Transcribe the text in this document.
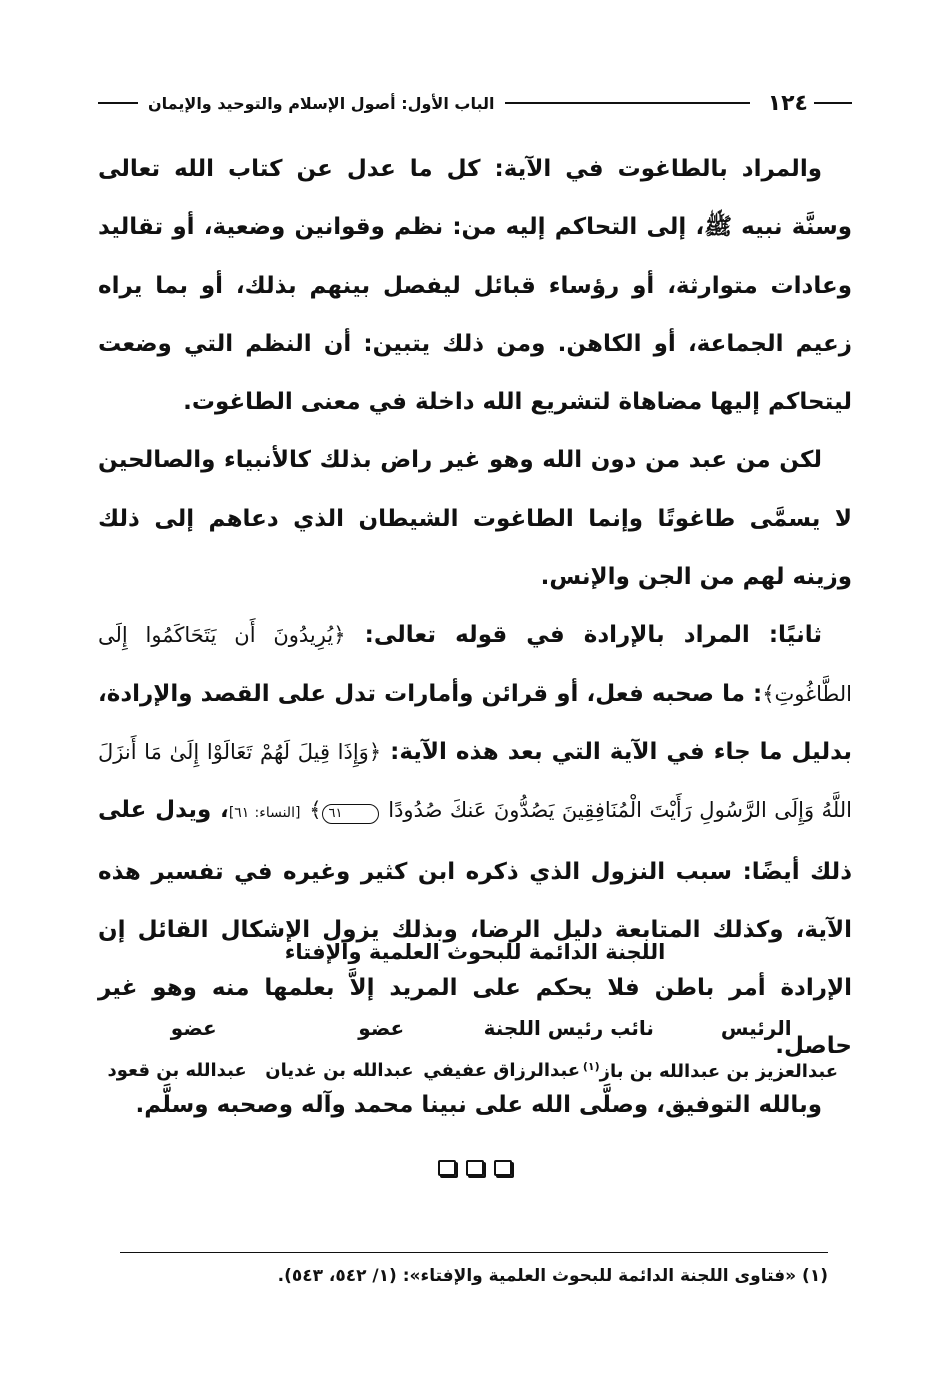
١٢٤
الباب الأول: أصول الإسلام والتوحيد والإيمان

والمراد بالطاغوت في الآية: كل ما عدل عن كتاب الله تعالى وسنَّة نبيه ﷺ، إلى التحاكم إليه من: نظم وقوانين وضعية، أو تقاليد وعادات متوارثة، أو رؤساء قبائل ليفصل بينهم بذلك، أو بما يراه زعيم الجماعة، أو الكاهن. ومن ذلك يتبين: أن النظم التي وضعت ليتحاكم إليها مضاهاة لتشريع الله داخلة في معنى الطاغوت.

لكن من عبد من دون الله وهو غير راض بذلك كالأنبياء والصالحين لا يسمَّى طاغوتًا وإنما الطاغوت الشيطان الذي دعاهم إلى ذلك وزينه لهم من الجن والإنس.

ثانيًا: المراد بالإرادة في قوله تعالى: ﴿يُرِيدُونَ أَن يَتَحَاكَمُوا إِلَى الطَّاغُوتِ﴾: ما صحبه فعل، أو قرائن وأمارات تدل على القصد والإرادة، بدليل ما جاء في الآية التي بعد هذه الآية: ﴿وَإِذَا قِيلَ لَهُمْ تَعَالَوْا إِلَىٰ مَا أَنزَلَ اللَّهُ وَإِلَى الرَّسُولِ رَأَيْتَ الْمُنَافِقِينَ يَصُدُّونَ عَنكَ صُدُودًا ٦١﴾ [النساء: ٦١]، ويدل على ذلك أيضًا: سبب النزول الذي ذكره ابن كثير وغيره في تفسير هذه الآية، وكذلك المتابعة دليل الرضا، وبذلك يزول الإشكال القائل إن الإرادة أمر باطن فلا يحكم على المريد إلاَّ بعلمها منه وهو غير حاصل.

وبالله التوفيق، وصلَّى الله على نبينا محمد وآله وصحبه وسلَّم.

اللجنة الدائمة للبحوث العلمية والإفتاء
الرئيس
نائب رئيس اللجنة
عضو
عضو
عبدالعزيز بن عبدالله بن باز$^{(١)}$
عبدالرزاق عفيفي
عبدالله بن غديان
عبدالله بن قعود
(١) «فتاوى اللجنة الدائمة للبحوث العلمية والإفتاء»: (١/ ٥٤٢، ٥٤٣).
